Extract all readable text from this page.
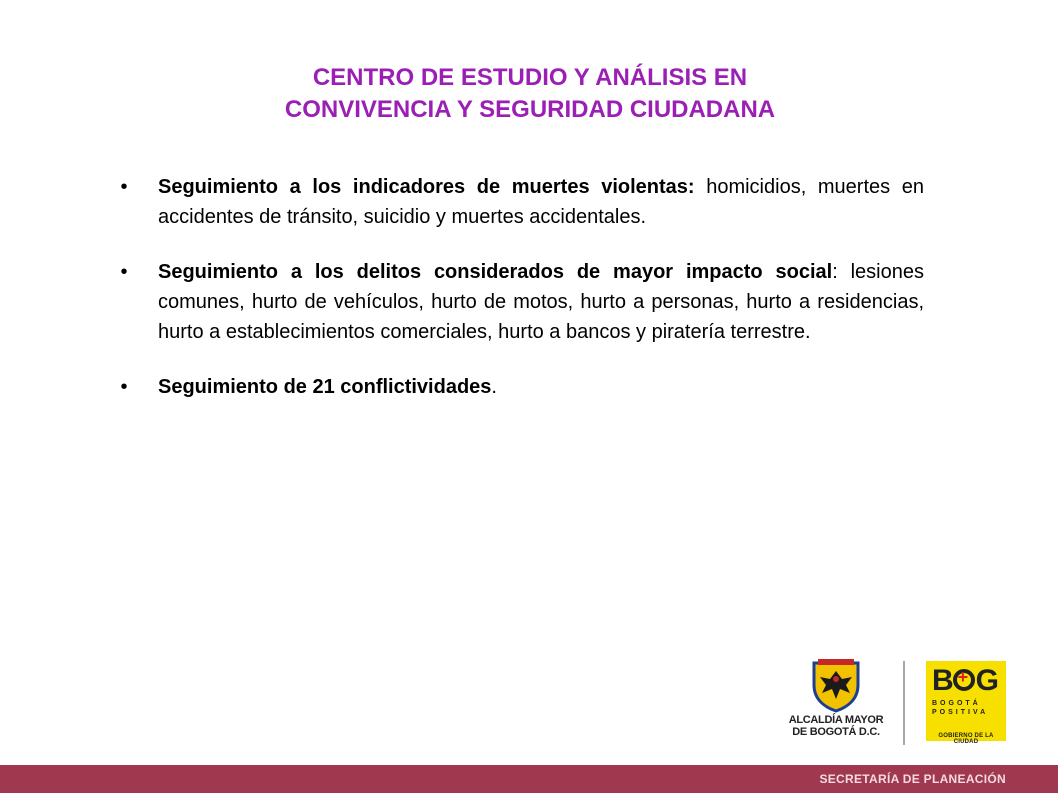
CENTRO DE ESTUDIO Y ANÁLISIS EN
CONVIVENCIA Y SEGURIDAD CIUDADANA
•	Seguimiento a los indicadores de muertes violentas: homicidios, muertes en accidentes de tránsito, suicidio y muertes accidentales.
•	Seguimiento a los delitos considerados de mayor impacto social: lesiones comunes, hurto de vehículos, hurto de motos, hurto a personas, hurto a residencias, hurto a establecimientos comerciales, hurto a bancos y piratería terrestre.
•	Seguimiento de 21 conflictividades.
ALCALDÍA MAYOR
DE BOGOTÁ D.C.
B+ G
BOGOTÁ
POSITIVA
GOBIERNO DE LA CIUDAD
SECRETARÍA DE PLANEACIÓN
